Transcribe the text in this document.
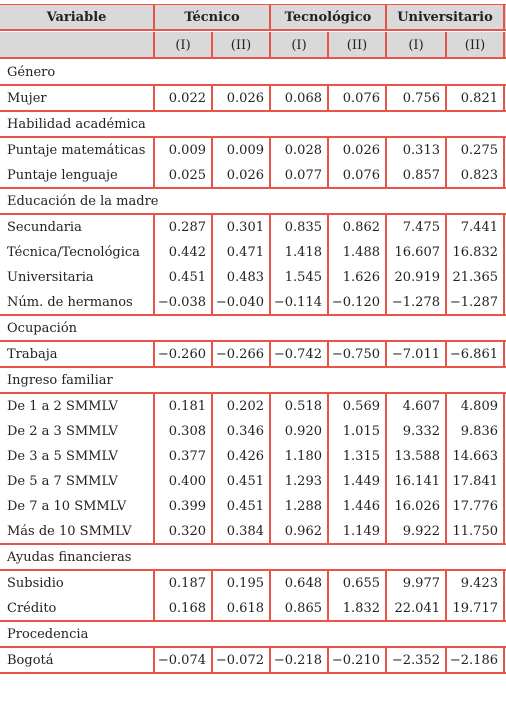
Variable	Técnico	Tecnológico	Universitario
(I)	(II)	(I)	(II)	(I)	(II)
Género
Mujer	0.022	0.026	0.068	0.076	0.756	0.821
Habilidad académica
Puntaje matemáticas	0.009	0.009	0.028	0.026	0.313	0.275
Puntaje lenguaje	0.025	0.026	0.077	0.076	0.857	0.823
Educación de la madre
Secundaria	0.287	0.301	0.835	0.862	7.475	7.441
Técnica/Tecnológica	0.442	0.471	1.418	1.488	16.607 16.832
Universitaria	0.451	0.483	1.545	1.626	20.919 21.365
Núm. de hermanos	−0.038 −0.040 −0.114 −0.120 −1.278 −1.287
Ocupación
Trabaja	−0.260 −0.266 −0.742 −0.750 −7.011 −6.861
Ingreso familiar
De 1 a 2 SMMLV	0.181	0.202	0.518	0.569	4.607	4.809
De 2 a 3 SMMLV	0.308	0.346	0.920	1.015	9.332	9.836
De 3 a 5 SMMLV	0.377	0.426	1.180	1.315	13.588 14.663
De 5 a 7 SMMLV	0.400	0.451	1.293	1.449	16.141 17.841
De 7 a 10 SMMLV	0.399	0.451	1.288	1.446	16.026 17.776
Más de 10 SMMLV	0.320	0.384	0.962	1.149	9.922 11.750
Ayudas financieras
Subsidio	0.187	0.195	0.648	0.655	9.977	9.423
Crédito	0.168	0.618	0.865	1.832	22.041 19.717
Procedencia
Bogotá	−0.074 −0.072 −0.218 −0.210 −2.352 −2.186
